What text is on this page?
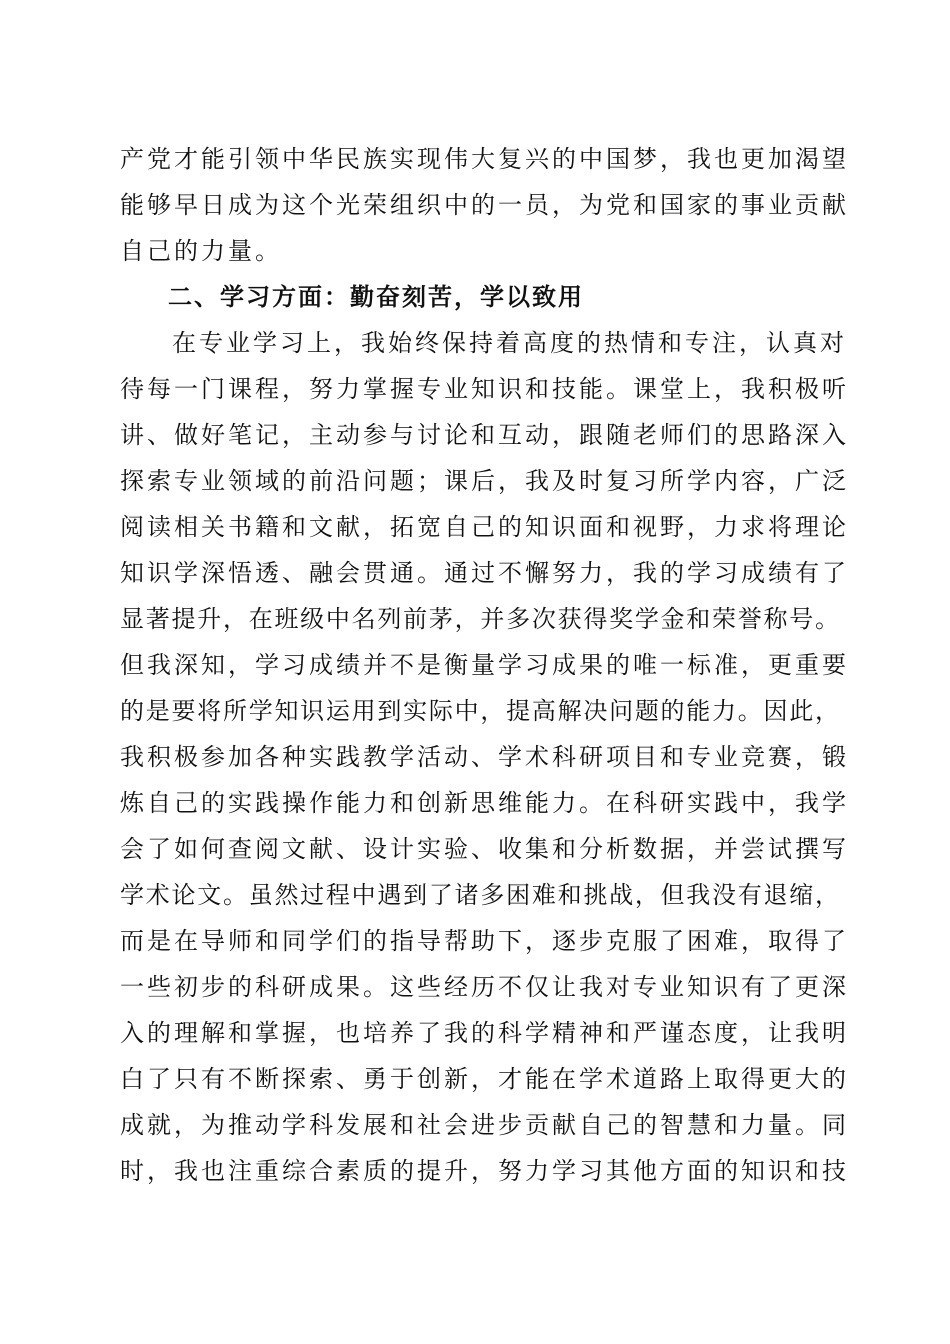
产党才能引领中华民族实现伟大复兴的中国梦，我也更加渴望
能够早日成为这个光荣组织中的一员，为党和国家的事业贡献
自己的力量。
二、学习方面：勤奋刻苦，学以致用
在专业学习上，我始终保持着高度的热情和专注，认真对
待每一门课程，努力掌握专业知识和技能。课堂上，我积极听
讲、做好笔记，主动参与讨论和互动，跟随老师们的思路深入
探索专业领域的前沿问题；课后，我及时复习所学内容，广泛
阅读相关书籍和文献，拓宽自己的知识面和视野，力求将理论
知识学深悟透、融会贯通。通过不懈努力，我的学习成绩有了
显著提升，在班级中名列前茅，并多次获得奖学金和荣誉称号。
但我深知，学习成绩并不是衡量学习成果的唯一标准，更重要
的是要将所学知识运用到实际中，提高解决问题的能力。因此，
我积极参加各种实践教学活动、学术科研项目和专业竞赛，锻
炼自己的实践操作能力和创新思维能力。在科研实践中，我学
会了如何查阅文献、设计实验、收集和分析数据，并尝试撰写
学术论文。虽然过程中遇到了诸多困难和挑战，但我没有退缩，
而是在导师和同学们的指导帮助下，逐步克服了困难，取得了
一些初步的科研成果。这些经历不仅让我对专业知识有了更深
入的理解和掌握，也培养了我的科学精神和严谨态度，让我明
白了只有不断探索、勇于创新，才能在学术道路上取得更大的
成就，为推动学科发展和社会进步贡献自己的智慧和力量。同
时，我也注重综合素质的提升，努力学习其他方面的知识和技
